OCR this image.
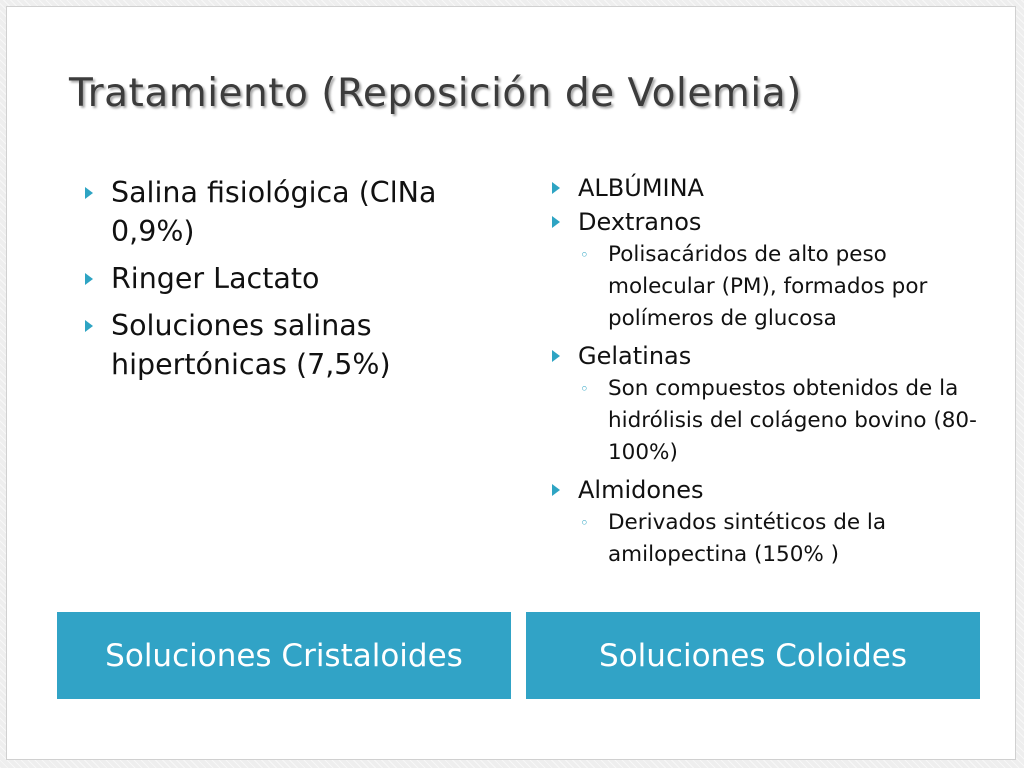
Tratamiento (Reposición de Volemia)
Salina fisiológica (ClNa 0,9%)
Ringer Lactato
Soluciones salinas hipertónicas (7,5%)
ALBÚMINA
Dextranos
◦ Polisacáridos de alto peso molecular (PM), formados por polímeros de glucosa
Gelatinas
◦ Son compuestos obtenidos de la hidrólisis del colágeno bovino (80-100%)
Almidones
◦ Derivados sintéticos de la amilopectina (150% )
Soluciones Cristaloides	Soluciones Coloides
